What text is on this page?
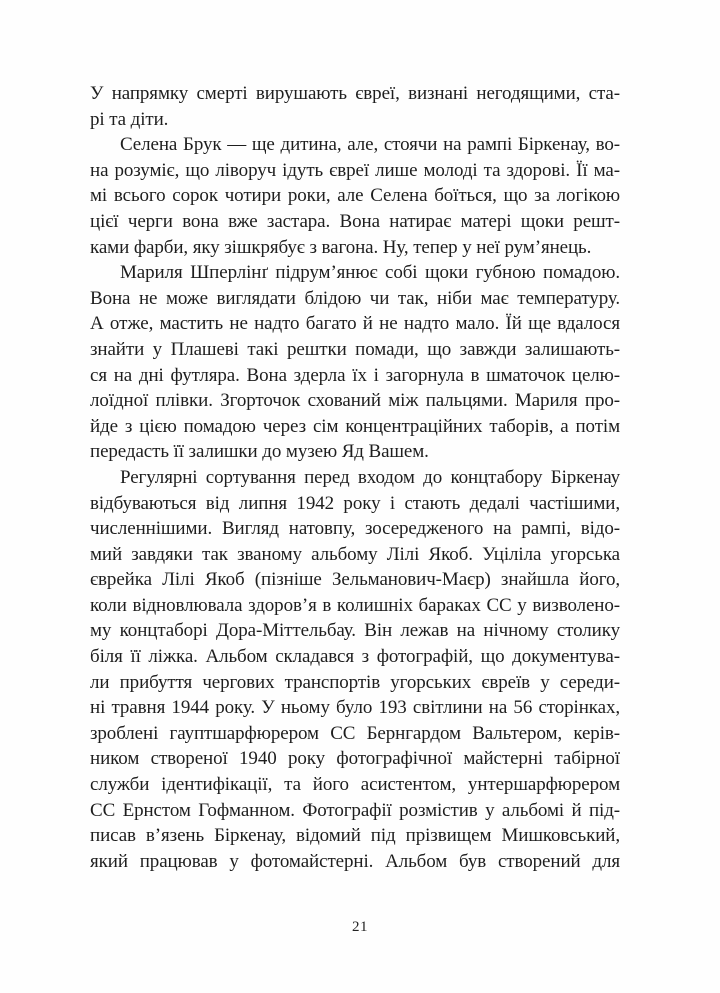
У напрямку смерті вирушають євреї, визнані негодящими, ста-
рі та діти.
Селена Брук — ще дитина, але, стоячи на рампі Біркенау, во-
на розуміє, що ліворуч ідуть євреї лише молоді та здорові. Її ма-
мі всього сорок чотири роки, але Селена боїться, що за логікою
цієї черги вона вже застара. Вона натирає матері щоки решт-
ками фарби, яку зішкрябує з вагона. Ну, тепер у неї рум’янець.
Мариля Шперлінґ підрум’янює собі щоки губною помадою.
Вона не може виглядати блідою чи так, ніби має температуру.
А отже, мастить не надто багато й не надто мало. Їй ще вдалося
знайти у Плашеві такі рештки помади, що завжди залишають-
ся на дні футляра. Вона здерла їх і загорнула в шматочок целю-
лоїдної плівки. Згорточок схований між пальцями. Мариля про-
йде з цією помадою через сім концентраційних таборів, а потім
передасть її залишки до музею Яд Вашем.
Регулярні сортування перед входом до концтабору Біркенау
відбуваються від липня 1942 року і стають дедалі частішими,
численнішими. Вигляд натовпу, зосередженого на рампі, відо-
мий завдяки так званому альбому Лілі Якоб. Уціліла угорська
єврейка Лілі Якоб (пізніше Зельманович-Маєр) знайшла його,
коли відновлювала здоров’я в колишніх бараках СС у визволено-
му концтаборі Дора-Міттельбау. Він лежав на нічному столику
біля її ліжка. Альбом складався з фотографій, що документува-
ли прибуття чергових транспортів угорських євреїв у середи-
ні травня 1944 року. У ньому було 193 світлини на 56 сторінках,
зроблені гауптшарфюрером СС Бернгардом Вальтером, керів-
ником створеної 1940 року фотографічної майстерні табірної
служби ідентифікації, та його асистентом, унтершарфюрером
СС Ернстом Гофманном. Фотографії розмістив у альбомі й під-
писав в’язень Біркенау, відомий під прізвищем Мишковський,
який працював у фотомайстерні. Альбом був створений для
21
